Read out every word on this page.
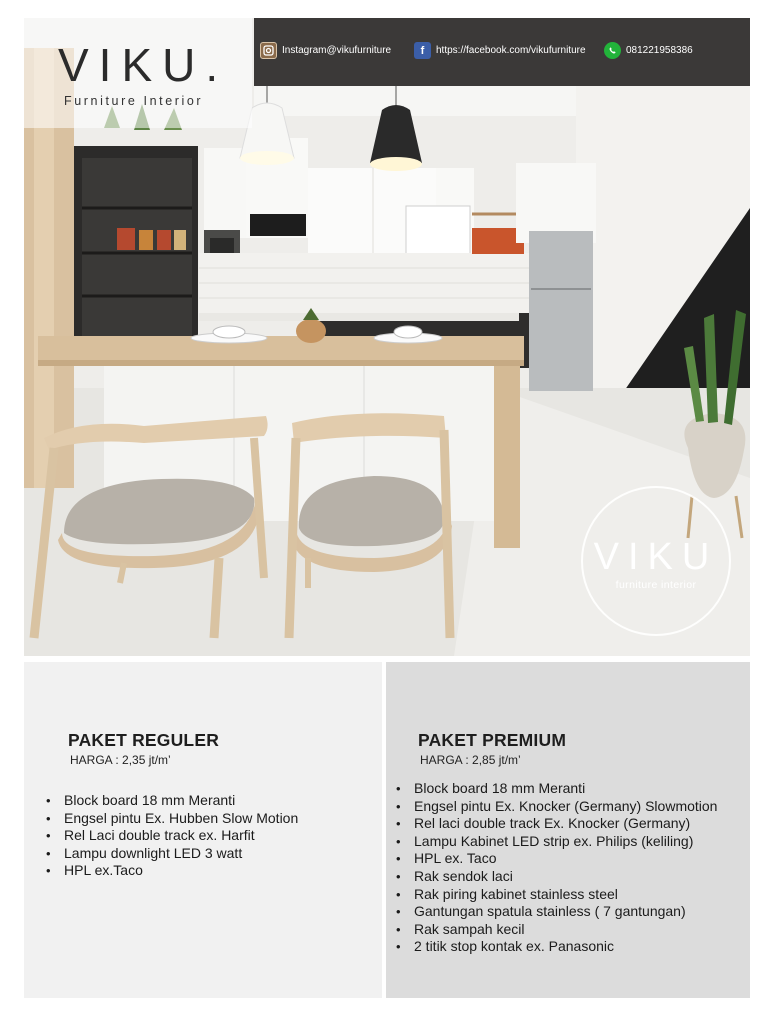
VIKU.
Furniture Interior
Instagram@vikufurniture	f	https://facebook.com/vikufurniture	081221958386
VIKU
furniture interior
PAKET REGULER
HARGA : 2,35 jt/m’
• Block board 18 mm Meranti
• Engsel pintu Ex. Hubben Slow Motion
• Rel Laci double track ex. Harfit
• Lampu downlight LED 3 watt
• HPL ex.Taco
PAKET PREMIUM
HARGA : 2,85 jt/m’
• Block board 18 mm Meranti
• Engsel pintu Ex. Knocker (Germany) Slowmotion
• Rel laci double track Ex. Knocker (Germany)
• Lampu Kabinet LED strip ex. Philips (keliling)
• HPL ex. Taco
• Rak sendok laci
• Rak piring kabinet stainless steel
• Gantungan spatula stainless ( 7 gantungan)
• Rak sampah kecil
• 2 titik stop kontak ex. Panasonic
